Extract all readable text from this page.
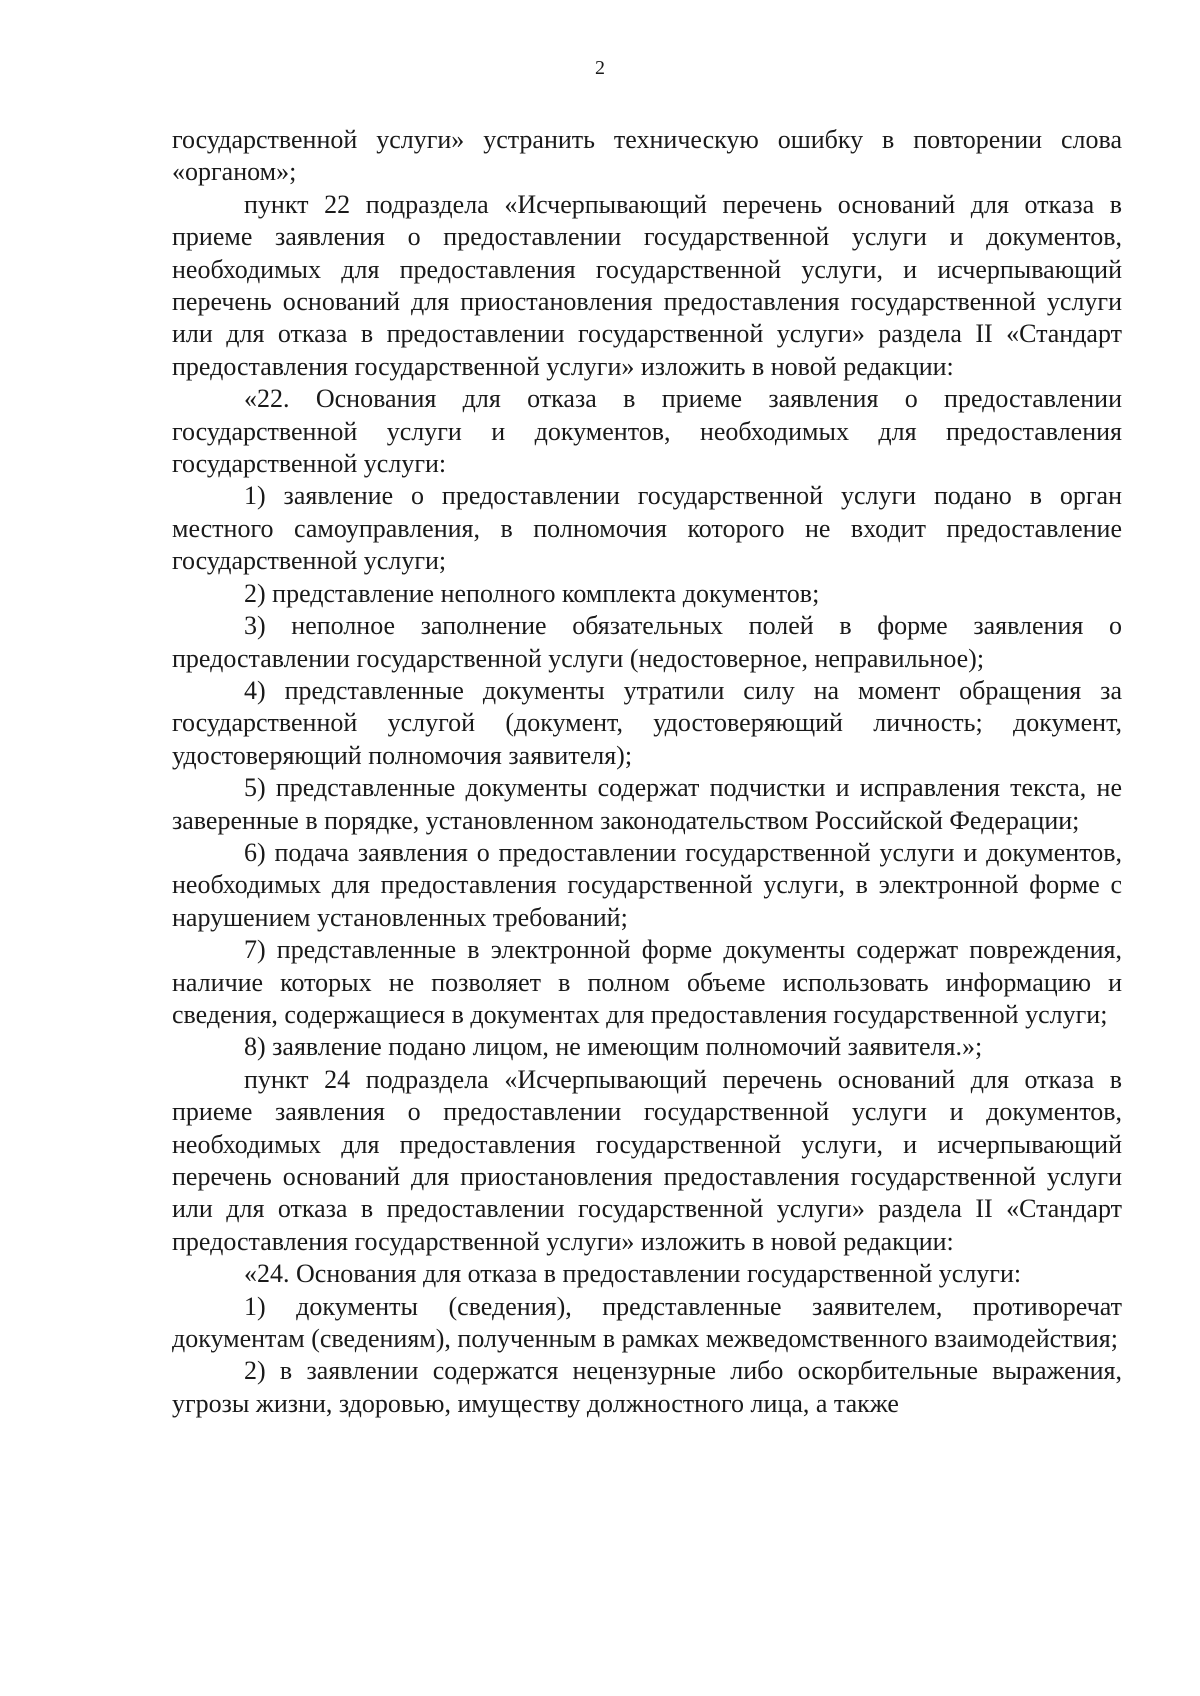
2

государственной услуги» устранить техническую ошибку в повторении слова «органом»;

пункт 22 подраздела «Исчерпывающий перечень оснований для отказа в приеме заявления о предоставлении государственной услуги и документов, необходимых для предоставления государственной услуги, и исчерпывающий перечень оснований для приостановления предоставления государственной услуги или для отказа в предоставлении государственной услуги» раздела II «Стандарт предоставления государственной услуги» изложить в новой редакции:

«22. Основания для отказа в приеме заявления о предоставлении государственной услуги и документов, необходимых для предоставления государственной услуги:

1) заявление о предоставлении государственной услуги подано в орган местного самоуправления, в полномочия которого не входит предоставление государственной услуги;

2) представление неполного комплекта документов;

3) неполное заполнение обязательных полей в форме заявления о предоставлении государственной услуги (недостоверное, неправильное);

4) представленные документы утратили силу на момент обращения за государственной услугой (документ, удостоверяющий личность; документ, удостоверяющий полномочия заявителя);

5) представленные документы содержат подчистки и исправления текста, не заверенные в порядке, установленном законодательством Российской Федерации;

6) подача заявления о предоставлении государственной услуги и документов, необходимых для предоставления государственной услуги, в электронной форме с нарушением установленных требований;

7) представленные в электронной форме документы содержат повреждения, наличие которых не позволяет в полном объеме использовать информацию и сведения, содержащиеся в документах для предоставления государственной услуги;

8) заявление подано лицом, не имеющим полномочий заявителя.»;

пункт 24 подраздела «Исчерпывающий перечень оснований для отказа в приеме заявления о предоставлении государственной услуги и документов, необходимых для предоставления государственной услуги, и исчерпывающий перечень оснований для приостановления предоставления государственной услуги или для отказа в предоставлении государственной услуги» раздела II «Стандарт предоставления государственной услуги» изложить в новой редакции:

«24. Основания для отказа в предоставлении государственной услуги:

1) документы (сведения), представленные заявителем, противоречат документам (сведениям), полученным в рамках межведомственного взаимодействия;

2) в заявлении содержатся нецензурные либо оскорбительные выражения, угрозы жизни, здоровью, имуществу должностного лица, а также
